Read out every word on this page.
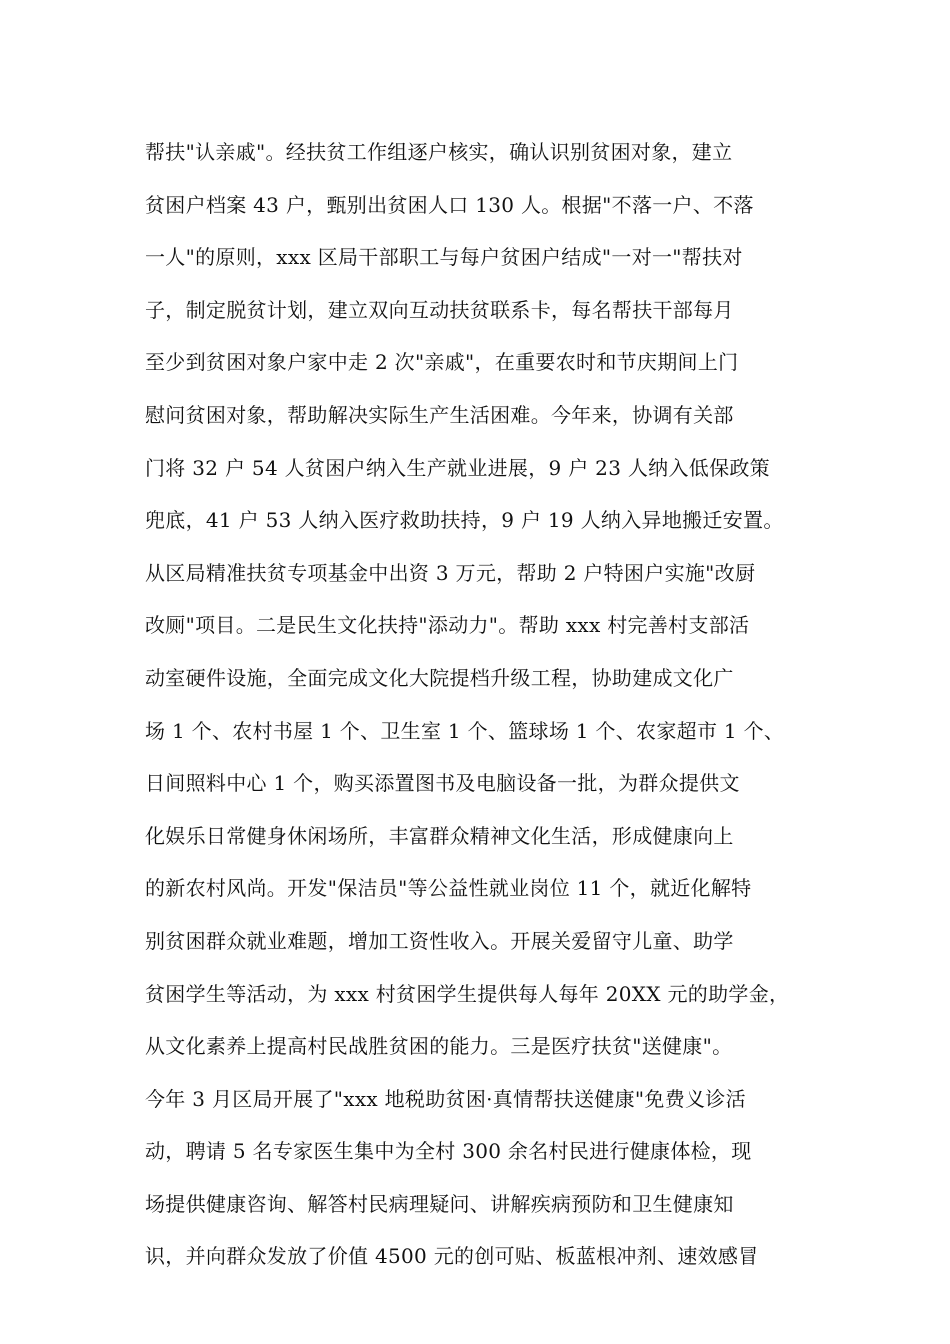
帮扶"认亲戚"。经扶贫工作组逐户核实，确认识别贫困对象，建立
贫困户档案 43 户，甄别出贫困人口 130 人。根据"不落一户、不落
一人"的原则，xxx 区局干部职工与每户贫困户结成"一对一"帮扶对
子，制定脱贫计划，建立双向互动扶贫联系卡，每名帮扶干部每月
至少到贫困对象户家中走 2 次"亲戚"，在重要农时和节庆期间上门
慰问贫困对象，帮助解决实际生产生活困难。今年来，协调有关部
门将 32 户 54 人贫困户纳入生产就业进展，9 户 23 人纳入低保政策
兜底，41 户 53 人纳入医疗救助扶持，9 户 19 人纳入异地搬迁安置。
从区局精准扶贫专项基金中出资 3 万元，帮助 2 户特困户实施"改厨
改厕"项目。二是民生文化扶持"添动力"。帮助 xxx 村完善村支部活
动室硬件设施，全面完成文化大院提档升级工程，协助建成文化广
场 1 个、农村书屋 1 个、卫生室 1 个、篮球场 1 个、农家超市 1 个、
日间照料中心 1 个，购买添置图书及电脑设备一批，为群众提供文
化娱乐日常健身休闲场所，丰富群众精神文化生活，形成健康向上
的新农村风尚。开发"保洁员"等公益性就业岗位 11 个，就近化解特
别贫困群众就业难题，增加工资性收入。开展关爱留守儿童、助学
贫困学生等活动，为 xxx 村贫困学生提供每人每年 20XX 元的助学金，
从文化素养上提高村民战胜贫困的能力。三是医疗扶贫"送健康"。
今年 3 月区局开展了"xxx 地税助贫困·真情帮扶送健康"免费义诊活
动，聘请 5 名专家医生集中为全村 300 余名村民进行健康体检，现
场提供健康咨询、解答村民病理疑问、讲解疾病预防和卫生健康知
识，并向群众发放了价值 4500 元的创可贴、板蓝根冲剂、速效感冒
